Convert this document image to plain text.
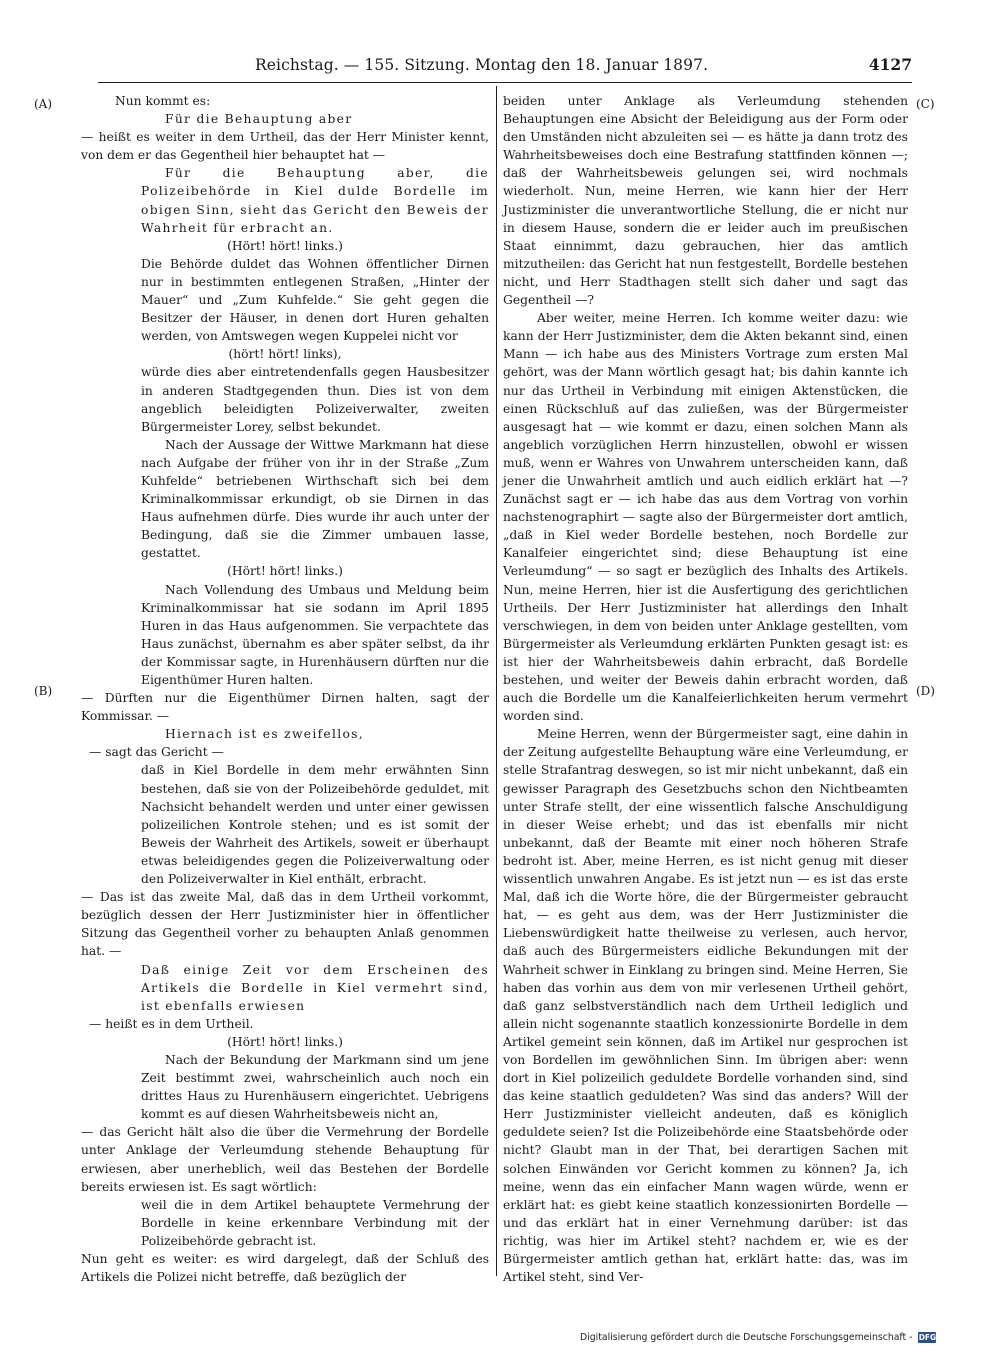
Reichstag. — 155. Sitzung. Montag den 18. Januar 1897.	4127
(A)
(B)
(C)
(D)

Nun kommt es:

Für die Behauptung aber

— heißt es weiter in dem Urtheil, das der Herr Minister kennt, von dem er das Gegentheil hier behauptet hat —

Für die Behauptung aber, die Polizeibehörde in Kiel dulde Bordelle im obigen Sinn, sieht das Gericht den Beweis der Wahrheit für erbracht an.

(Hört! hört! links.)

Die Behörde duldet das Wohnen öffentlicher Dirnen nur in bestimmten entlegenen Straßen, „Hinter der Mauer“ und „Zum Kuhfelde.“ Sie geht gegen die Besitzer der Häuser, in denen dort Huren gehalten werden, von Amtswegen wegen Kuppelei nicht vor

(hört! hört! links),

würde dies aber eintretendenfalls gegen Hausbesitzer in anderen Stadtgegenden thun. Dies ist von dem angeblich beleidigten Polizeiverwalter, zweiten Bürgermeister Lorey, selbst bekundet.

Nach der Aussage der Wittwe Markmann hat diese nach Aufgabe der früher von ihr in der Straße „Zum Kuhfelde“ betriebenen Wirthschaft sich bei dem Kriminalkommissar erkundigt, ob sie Dirnen in das Haus aufnehmen dürfe. Dies wurde ihr auch unter der Bedingung, daß sie die Zimmer umbauen lasse, gestattet.

(Hört! hört! links.)

Nach Vollendung des Umbaus und Meldung beim Kriminalkommissar hat sie sodann im April 1895 Huren in das Haus aufgenommen. Sie verpachtete das Haus zunächst, übernahm es aber später selbst, da ihr der Kommissar sagte, in Hurenhäusern dürften nur die Eigenthümer Huren halten.

— Dürften nur die Eigenthümer Dirnen halten, sagt der Kommissar. —

Hiernach ist es zweifellos,

— sagt das Gericht —

daß in Kiel Bordelle in dem mehr erwähnten Sinn bestehen, daß sie von der Polizeibehörde geduldet, mit Nachsicht behandelt werden und unter einer gewissen polizeilichen Kontrole stehen; und es ist somit der Beweis der Wahrheit des Artikels, soweit er überhaupt etwas beleidigendes gegen die Polizeiverwaltung oder den Polizeiverwalter in Kiel enthält, erbracht.

— Das ist das zweite Mal, daß das in dem Urtheil vorkommt, bezüglich dessen der Herr Justizminister hier in öffentlicher Sitzung das Gegentheil vorher zu behaupten Anlaß genommen hat. —

Daß einige Zeit vor dem Erscheinen des Artikels die Bordelle in Kiel vermehrt sind, ist ebenfalls erwiesen

— heißt es in dem Urtheil.

(Hört! hört! links.)

Nach der Bekundung der Markmann sind um jene Zeit bestimmt zwei, wahrscheinlich auch noch ein drittes Haus zu Hurenhäusern eingerichtet. Uebrigens kommt es auf diesen Wahrheitsbeweis nicht an,

— das Gericht hält also die über die Vermehrung der Bordelle unter Anklage der Verleumdung stehende Behauptung für erwiesen, aber unerheblich, weil das Bestehen der Bordelle bereits erwiesen ist. Es sagt wörtlich:

weil die in dem Artikel behauptete Vermehrung der Bordelle in keine erkennbare Verbindung mit der Polizeibehörde gebracht ist.

Nun geht es weiter: es wird dargelegt, daß der Schluß des Artikels die Polizei nicht betreffe, daß bezüglich der

beiden unter Anklage als Verleumdung stehenden Behauptungen eine Absicht der Beleidigung aus der Form oder den Umständen nicht abzuleiten sei — es hätte ja dann trotz des Wahrheitsbeweises doch eine Bestrafung stattfinden können —; daß der Wahrheitsbeweis gelungen sei, wird nochmals wiederholt. Nun, meine Herren, wie kann hier der Herr Justizminister die unverantwortliche Stellung, die er nicht nur in diesem Hause, sondern die er leider auch im preußischen Staat einnimmt, dazu gebrauchen, hier das amtlich mitzutheilen: das Gericht hat nun festgestellt, Bordelle bestehen nicht, und Herr Stadthagen stellt sich daher und sagt das Gegentheil —?

Aber weiter, meine Herren. Ich komme weiter dazu: wie kann der Herr Justizminister, dem die Akten bekannt sind, einen Mann — ich habe aus des Ministers Vortrage zum ersten Mal gehört, was der Mann wörtlich gesagt hat; bis dahin kannte ich nur das Urtheil in Verbindung mit einigen Aktenstücken, die einen Rückschluß auf das zuließen, was der Bürgermeister ausgesagt hat — wie kommt er dazu, einen solchen Mann als angeblich vorzüglichen Herrn hinzustellen, obwohl er wissen muß, wenn er Wahres von Unwahrem unterscheiden kann, daß jener die Unwahrheit amtlich und auch eidlich erklärt hat —? Zunächst sagt er — ich habe das aus dem Vortrag von vorhin nachstenographirt — sagte also der Bürgermeister dort amtlich, „daß in Kiel weder Bordelle bestehen, noch Bordelle zur Kanalfeier eingerichtet sind; diese Behauptung ist eine Verleumdung“ — so sagt er bezüglich des Inhalts des Artikels. Nun, meine Herren, hier ist die Ausfertigung des gerichtlichen Urtheils. Der Herr Justizminister hat allerdings den Inhalt verschwiegen, in dem von beiden unter Anklage gestellten, vom Bürgermeister als Verleumdung erklärten Punkten gesagt ist: es ist hier der Wahrheitsbeweis dahin erbracht, daß Bordelle bestehen, und weiter der Beweis dahin erbracht worden, daß auch die Bordelle um die Kanalfeierlichkeiten herum vermehrt worden sind.

Meine Herren, wenn der Bürgermeister sagt, eine dahin in der Zeitung aufgestellte Behauptung wäre eine Verleumdung, er stelle Strafantrag deswegen, so ist mir nicht unbekannt, daß ein gewisser Paragraph des Gesetzbuchs schon den Nichtbeamten unter Strafe stellt, der eine wissentlich falsche Anschuldigung in dieser Weise erhebt; und das ist ebenfalls mir nicht unbekannt, daß der Beamte mit einer noch höheren Strafe bedroht ist. Aber, meine Herren, es ist nicht genug mit dieser wissentlich unwahren Angabe. Es ist jetzt nun — es ist das erste Mal, daß ich die Worte höre, die der Bürgermeister gebraucht hat, — es geht aus dem, was der Herr Justizminister die Liebenswürdigkeit hatte theilweise zu verlesen, auch hervor, daß auch des Bürgermeisters eidliche Bekundungen mit der Wahrheit schwer in Einklang zu bringen sind. Meine Herren, Sie haben das vorhin aus dem von mir verlesenen Urtheil gehört, daß ganz selbstverständlich nach dem Urtheil lediglich und allein nicht sogenannte staatlich konzessionirte Bordelle in dem Artikel gemeint sein können, daß im Artikel nur gesprochen ist von Bordellen im gewöhnlichen Sinn. Im übrigen aber: wenn dort in Kiel polizeilich geduldete Bordelle vorhanden sind, sind das keine staatlich geduldeten? Was sind das anders? Will der Herr Justizminister vielleicht andeuten, daß es königlich geduldete seien? Ist die Polizeibehörde eine Staatsbehörde oder nicht? Glaubt man in der That, bei derartigen Sachen mit solchen Einwänden vor Gericht kommen zu können? Ja, ich meine, wenn das ein einfacher Mann wagen würde, wenn er erklärt hat: es giebt keine staatlich konzessionirten Bordelle — und das erklärt hat in einer Vernehmung darüber: ist das richtig, was hier im Artikel steht? nachdem er, wie es der Bürgermeister amtlich gethan hat, erklärt hatte: das, was im Artikel steht, sind Ver-

Digitalisierung gefördert durch die Deutsche Forschungsgemeinschaft - DFG
